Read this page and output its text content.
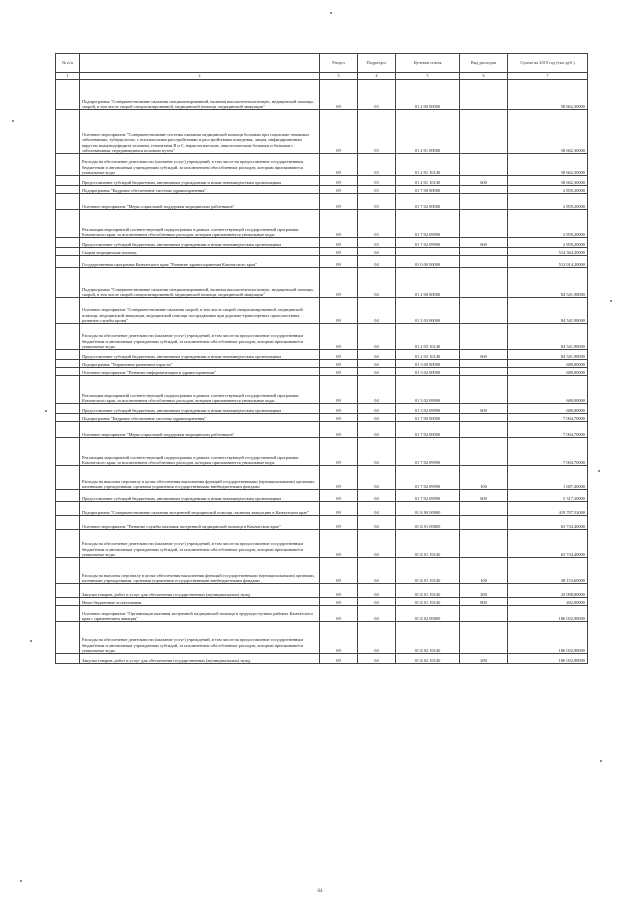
№ п/п		Раздел	Подраздел	Целевая статья	Вид расходов	Сумма на 2019 год (тыс.руб.)
1	2	3	4	5	6	7
	Подпрограмма "Совершенствование оказания специализированной, включая высокотехнологичную, медицинской помощи, скорой, в том числе скорой специализированной, медицинской помощи, медицинской эвакуации"	09	03	01 2 00 00000		58 662,30000
	Основное мероприятие "Совершенствование системы оказания медицинской помощи больным при социально-значимых заболеваниях: туберкулезом, с психическими расстройствами и расстройствами поведения, лицам, инфицированным вирусом иммунодефицита человека, гепатитами B и C, наркологическим, онкологическим больным и больным с заболеваниями, передающимися половым путем"	09	03	01 2 01 00000		58 662,30000
	Расходы на обеспечение деятельности (оказание услуг) учреждений, в том числе на предоставление государственным бюджетным и автономным учреждениям субсидий, за исключением обособленных расходов, которым присваиваются уникальные коды	09	03	01 2 01 10140		58 662,30000
	Предоставление субсидий бюджетным, автономным учреждениям и иным некоммерческим организациям	09	03	01 2 01 10140	600	58 662,30000
	Подпрограмма "Кадровое обеспечение системы здравоохранения"	09	03	01 7 00 00000		2 859,20000
	Основное мероприятие "Меры социальной поддержки медицинских работников"	09	03	01 7 02 00000		2 859,20000
	Реализация мероприятий соответствующей подпрограммы в рамках соответствующей государственной программы Камчатского края, за исключением обособленных расходов, которым присваиваются уникальные коды	09	03	01 7 02 09990		2 859,20000
	Предоставление субсидий бюджетным, автономным учреждениям и иным некоммерческим организациям	09	03	01 7 02 09990	600	2 859,20000
	Скорая медицинская помощь	09	04			514 564,20000
	Государственная программа Камчатского края "Развитие здравоохранения Камчатского края"	09	04	01 0 00 00000		512 014,20000
	Подпрограмма "Совершенствование оказания специализированной, включая высокотехнологичную, медицинской помощи, скорой, в том числе скорой специализированной, медицинской помощи, медицинской эвакуации"	09	04	01 2 00 00000		84 541,98000
	Основное мероприятие "Совершенствование оказания скорой, в том числе скорой специализированной, медицинской помощи, медицинской эвакуации, медицинской помощи пострадавшим при дорожно-транспортных происшествиях, развитие службы крови"	09	04	01 2 03 00000		84 541,98000
	Расходы на обеспечение деятельности (оказание услуг) учреждений, в том числе на предоставление государственным бюджетным и автономным учреждениям субсидий, за исключением обособленных расходов, которым присваиваются уникальные коды	09	04	01 2 03 10140		84 541,98000
	Предоставление субсидий бюджетным, автономным учреждениям и иным некоммерческим организациям	09	04	01 2 03 10140	600	84 541,98000
	Подпрограмма "Управление развитием отрасли"	09	04	01 3 00 00000		680,00000
	Основное мероприятие "Развитие информатизации в здравоохранении"	09	04	01 3 02 00000		680,00000
	Реализация мероприятий соответствующей подпрограммы в рамках соответствующей государственной программы Камчатского края, за исключением обособленных расходов, которым присваиваются уникальные коды	09	04	01 3 02 09990		680,00000
	Предоставление субсидий бюджетным, автономным учреждениям и иным некоммерческим организациям	09	04	01 3 02 09990	600	680,00000
	Подпрограмма "Кадровое обеспечение системы здравоохранения"	09	04	01 7 00 00000		7 004,70000
	Основное мероприятие "Меры социальной поддержки медицинских работников"	09	04	01 7 02 00000		7 004,70000
	Реализация мероприятий соответствующей подпрограммы в рамках соответствующей государственной программы Камчатского края, за исключением обособленных расходов, которым присваиваются уникальные коды	09	04	01 7 02 09990		7 004,70000
	Расходы на выплаты персоналу в целях обеспечения выполнения функций государственными (муниципальными) органами, казенными учреждениями, органами управления государственными внебюджетными фондами	09	04	01 7 02 09990	100	1 687,40000
	Предоставление субсидий бюджетным, автономным учреждениям и иным некоммерческим организациям	09	04	01 7 02 09990	600	5 317,30000
	Подпрограмма "Совершенствование оказания экстренной медицинской помощи, включая эвакуацию в Камчатском крае"	09	04	01 Б 00 00000		419 787,52000
	Основное мероприятие "Развитие службы оказания экстренной медицинской помощи в Камчатском крае"	09	04	01 Б 01 00000		63 734,40000
	Расходы на обеспечение деятельности (оказание услуг) учреждений, в том числе на предоставление государственным бюджетным и автономным учреждениям субсидий, за исключением обособленных расходов, которым присваиваются уникальные коды	09	04	01 Б 01 10140		63 734,40000
	Расходы на выплаты персоналу в целях обеспечения выполнения функций государственными (муниципальными) органами, казенными учреждениями, органами управления государственными внебюджетными фондами	09	04	01 Б 01 10140	100	38 153,60000
	Закупка товаров, работ и услуг для обеспечения государственных (муниципальных) нужд	09	04	01 Б 01 10140	200	25 098,80000
	Иные бюджетные ассигнования	09	04	01 Б 01 10140	800	482,00000
	Основное мероприятие "Организация оказания экстренной медицинской помощи в труднодоступных районах Камчатского края с применением авиации"	09	04	01 Б 02 00000		186 052,98000
	Расходы на обеспечение деятельности (оказание услуг) учреждений, в том числе на предоставление государственным бюджетным и автономным учреждениям субсидий, за исключением обособленных расходов, которым присваиваются уникальные коды	09	04	01 Б 02 10140		186 052,98000
	Закупка товаров, работ и услуг для обеспечения государственных (муниципальных) нужд	09	04	01 Б 02 10140	200	186 052,98000
64
